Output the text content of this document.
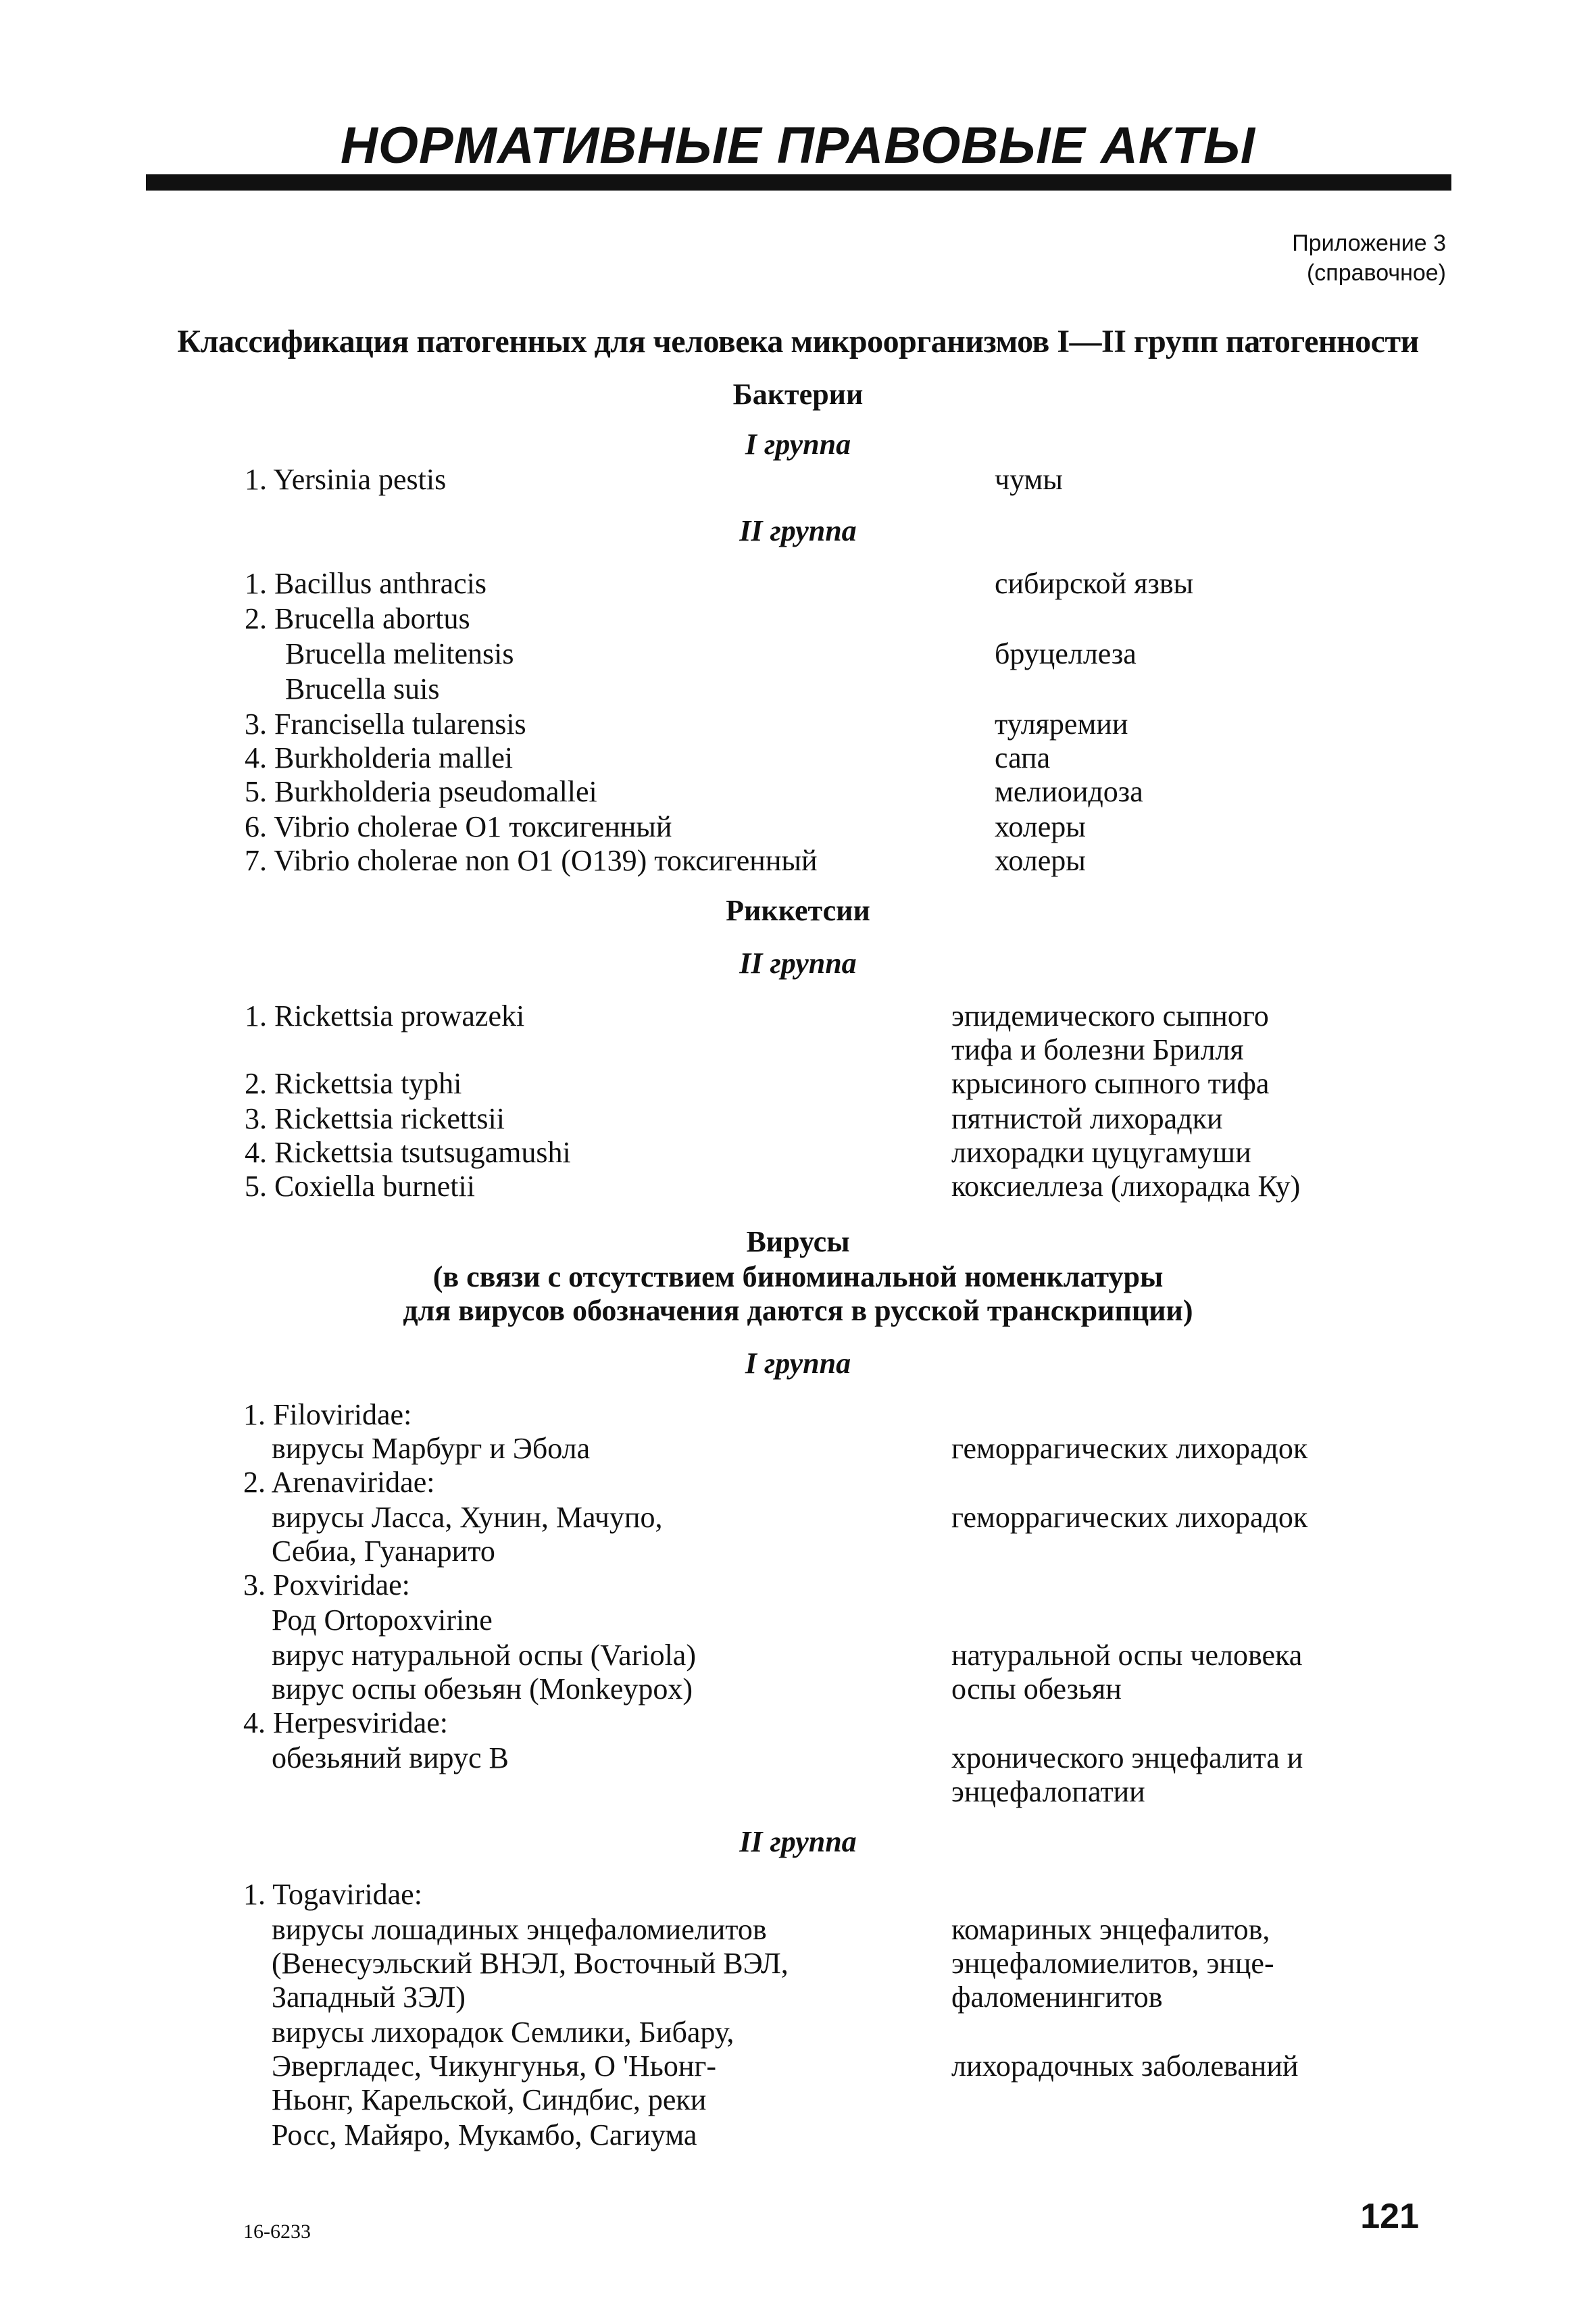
НОРМАТИВНЫЕ ПРАВОВЫЕ АКТЫ
Приложение 3
(справочное)
Классификация патогенных для человека микроорганизмов I—II групп патогенности
Бактерии
I группа
1. Yersinia pestis	чумы
II группа
1. Bacillus anthracis	сибирской язвы
2. Brucella abortus
Brucella melitensis	бруцеллеза
Brucella suis
3. Francisella tularensis	туляремии
4. Burkholderia mallei	сапа
5. Burkholderia pseudomallei	мелиоидоза
6. Vibrio cholerae O1 токсигенный	холеры
7. Vibrio cholerae non O1 (O139) токсигенный	холеры
Риккетсии
II группа
1. Rickettsia prowazeki	эпидемического сыпного
тифа и болезни Брилля
2. Rickettsia typhi	крысиного сыпного тифа
3. Rickettsia rickettsii	пятнистой лихорадки
4. Rickettsia tsutsugamushi	лихорадки цуцугамуши
5. Coxiella burnetii	коксиеллеза (лихорадка Ку)
Вирусы
(в связи с отсутствием биноминальной номенклатуры
для вирусов обозначения даются в русской транскрипции)
I группа
1. Filoviridae:
вирусы Марбург и Эбола	геморрагических лихорадок
2. Arenaviridae:
вирусы Ласса, Хунин, Мачупо,	геморрагических лихорадок
Себиа, Гуанарито
3. Poxviridae:
Род Ortopoxvirine
вирус натуральной оспы (Variola)	натуральной оспы человека
вирус оспы обезьян (Monkeypox)	оспы обезьян
4. Herpesviridae:
обезьяний вирус B	хронического энцефалита и
энцефалопатии
II группа
1. Togaviridae:
вирусы лошадиных энцефаломиелитов	комариных энцефалитов,
(Венесуэльский ВНЭЛ, Восточный ВЭЛ,	энцефаломиелитов, энце-
Западный ЗЭЛ)	фаломенингитов
вирусы лихорадок Семлики, Бибару,
Эвергладес, Чикунгунья, О 'Ньонг-	лихорадочных заболеваний
Ньонг, Карельской, Синдбис, реки
Росс, Майяро, Мукамбо, Сагиума
16-6233	121
